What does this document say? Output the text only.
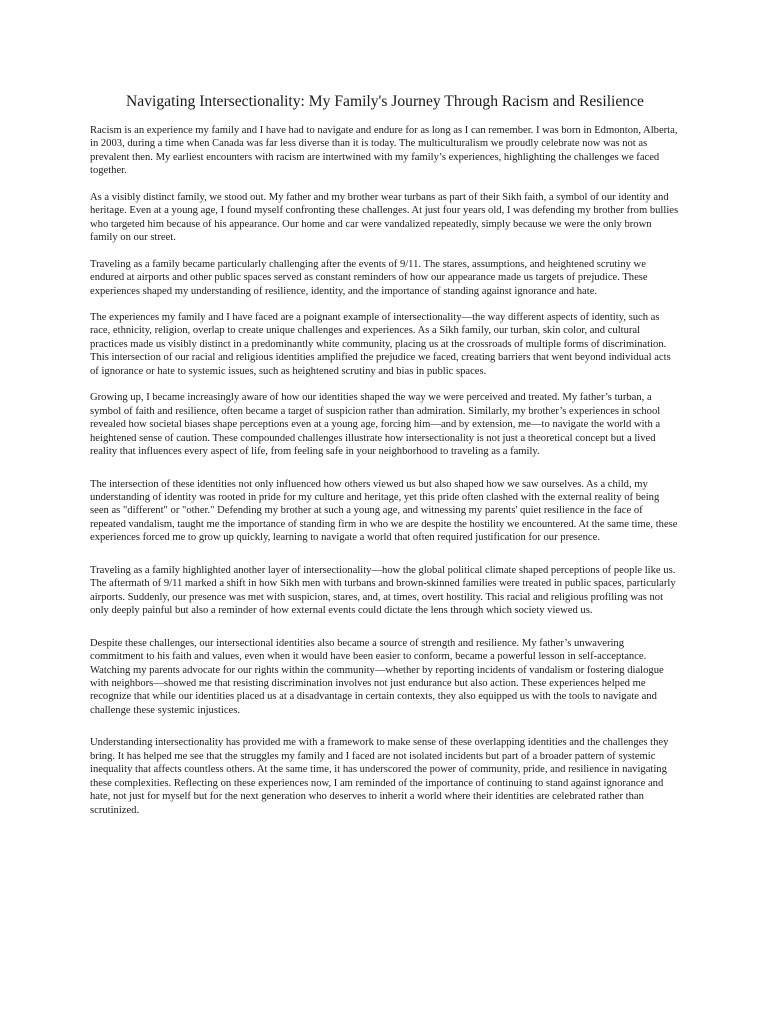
Navigating Intersectionality: My Family's Journey Through Racism and Resilience

Racism is an experience my family and I have had to navigate and endure for as long as I can remember. I was born in Edmonton, Alberta, in 2003, during a time when Canada was far less diverse than it is today. The multiculturalism we proudly celebrate now was not as prevalent then. My earliest encounters with racism are intertwined with my family’s experiences, highlighting the challenges we faced together.

As a visibly distinct family, we stood out. My father and my brother wear turbans as part of their Sikh faith, a symbol of our identity and heritage. Even at a young age, I found myself confronting these challenges. At just four years old, I was defending my brother from bullies who targeted him because of his appearance. Our home and car were vandalized repeatedly, simply because we were the only brown family on our street.

Traveling as a family became particularly challenging after the events of 9/11. The stares, assumptions, and heightened scrutiny we endured at airports and other public spaces served as constant reminders of how our appearance made us targets of prejudice. These experiences shaped my understanding of resilience, identity, and the importance of standing against ignorance and hate.

The experiences my family and I have faced are a poignant example of intersectionality—the way different aspects of identity, such as race, ethnicity, religion, overlap to create unique challenges and experiences. As a Sikh family, our turban, skin color, and cultural practices made us visibly distinct in a predominantly white community, placing us at the crossroads of multiple forms of discrimination. This intersection of our racial and religious identities amplified the prejudice we faced, creating barriers that went beyond individual acts of ignorance or hate to systemic issues, such as heightened scrutiny and bias in public spaces.

Growing up, I became increasingly aware of how our identities shaped the way we were perceived and treated. My father’s turban, a symbol of faith and resilience, often became a target of suspicion rather than admiration. Similarly, my brother’s experiences in school revealed how societal biases shape perceptions even at a young age, forcing him—and by extension, me—to navigate the world with a heightened sense of caution. These compounded challenges illustrate how intersectionality is not just a theoretical concept but a lived reality that influences every aspect of life, from feeling safe in your neighborhood to traveling as a family.

The intersection of these identities not only influenced how others viewed us but also shaped how we saw ourselves. As a child, my understanding of identity was rooted in pride for my culture and heritage, yet this pride often clashed with the external reality of being seen as "different" or "other." Defending my brother at such a young age, and witnessing my parents' quiet resilience in the face of repeated vandalism, taught me the importance of standing firm in who we are despite the hostility we encountered. At the same time, these experiences forced me to grow up quickly, learning to navigate a world that often required justification for our presence.

Traveling as a family highlighted another layer of intersectionality—how the global political climate shaped perceptions of people like us. The aftermath of 9/11 marked a shift in how Sikh men with turbans and brown-skinned families were treated in public spaces, particularly airports. Suddenly, our presence was met with suspicion, stares, and, at times, overt hostility. This racial and religious profiling was not only deeply painful but also a reminder of how external events could dictate the lens through which society viewed us.

Despite these challenges, our intersectional identities also became a source of strength and resilience. My father’s unwavering commitment to his faith and values, even when it would have been easier to conform, became a powerful lesson in self-acceptance. Watching my parents advocate for our rights within the community—whether by reporting incidents of vandalism or fostering dialogue with neighbors—showed me that resisting discrimination involves not just endurance but also action. These experiences helped me recognize that while our identities placed us at a disadvantage in certain contexts, they also equipped us with the tools to navigate and challenge these systemic injustices.

Understanding intersectionality has provided me with a framework to make sense of these overlapping identities and the challenges they bring. It has helped me see that the struggles my family and I faced are not isolated incidents but part of a broader pattern of systemic inequality that affects countless others. At the same time, it has underscored the power of community, pride, and resilience in navigating these complexities. Reflecting on these experiences now, I am reminded of the importance of continuing to stand against ignorance and hate, not just for myself but for the next generation who deserves to inherit a world where their identities are celebrated rather than scrutinized.
